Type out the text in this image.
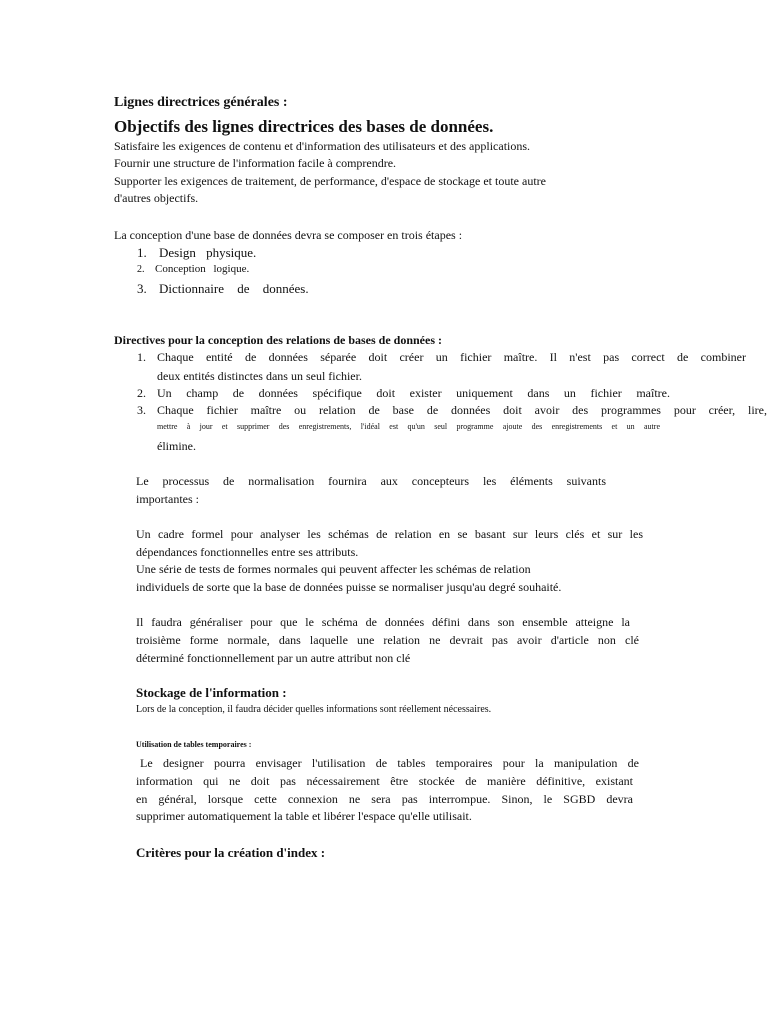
Lignes directrices générales :
Objectifs des lignes directrices des bases de données.
Satisfaire les exigences de contenu et d'information des utilisateurs et des applications.
Fournir une structure de l'information facile à comprendre.
Supporter les exigences de traitement, de performance, d'espace de stockage et toute autre
d'autres objectifs.
La conception d'une base de données devra se composer en trois étapes :
1. Design physique.
2. Conception logique.
3. Dictionnaire de données.
Directives pour la conception des relations de bases de données :
1. Chaque entité de données séparée doit créer un fichier maître. Il n'est pas correct de combiner
deux entités distinctes dans un seul fichier.
2. Un champ de données spécifique doit exister uniquement dans un fichier maître.
3. Chaque fichier maître ou relation de base de données doit avoir des programmes pour créer, lire,
mettre à jour et supprimer des enregistrements, l'idéal est qu'un seul programme ajoute des enregistrements et un autre
élimine.
Le processus de normalisation fournira aux concepteurs les éléments suivants
importantes :
Un cadre formel pour analyser les schémas de relation en se basant sur leurs clés et sur les
dépendances fonctionnelles entre ses attributs.
Une série de tests de formes normales qui peuvent affecter les schémas de relation
individuels de sorte que la base de données puisse se normaliser jusqu'au degré souhaité.
Il faudra généraliser pour que le schéma de données défini dans son ensemble atteigne la
troisième forme normale, dans laquelle une relation ne devrait pas avoir d'article non clé
déterminé fonctionnellement par un autre attribut non clé
Stockage de l'information :
Lors de la conception, il faudra décider quelles informations sont réellement nécessaires.
Utilisation de tables temporaires :
Le designer pourra envisager l'utilisation de tables temporaires pour la manipulation de
information qui ne doit pas nécessairement être stockée de manière définitive, existant
en général, lorsque cette connexion ne sera pas interrompue. Sinon, le SGBD devra
supprimer automatiquement la table et libérer l'espace qu'elle utilisait.
Critères pour la création d'index :
